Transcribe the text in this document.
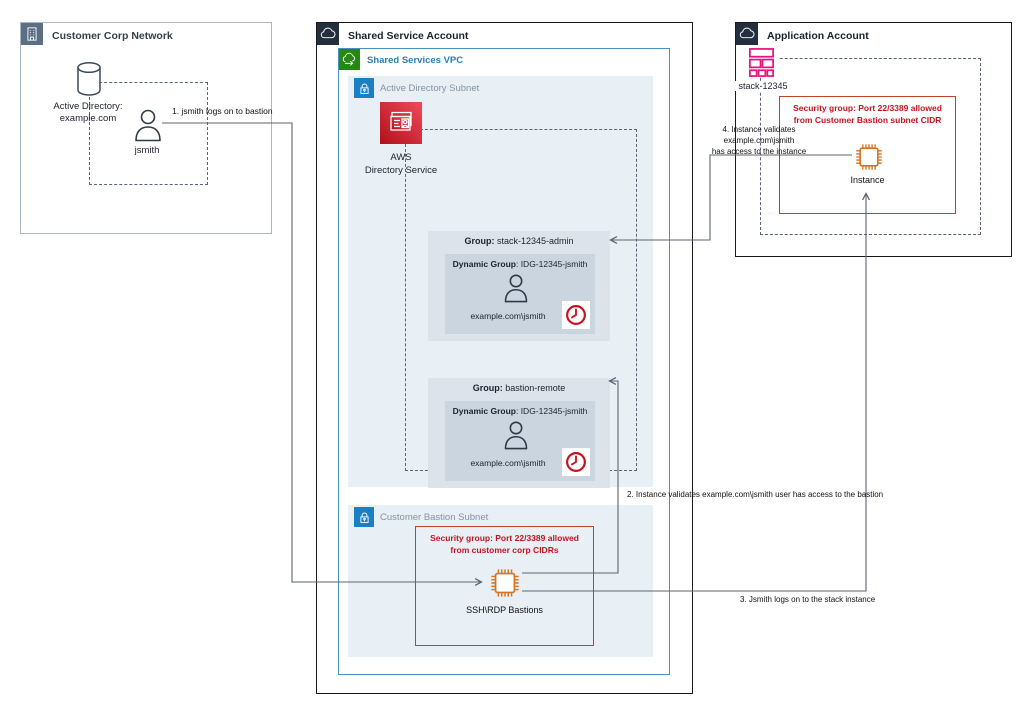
Customer Corp Network
Active Directory:
example.com
jsmith
Shared Service Account
Shared Services VPC
Active Directory Subnet
AWS
Directory Service
Group: stack-12345-admin
Dynamic Group: IDG-12345-jsmith
example.com\jsmith
Group: bastion-remote
Dynamic Group: IDG-12345-jsmith
example.com\jsmith
Customer Bastion Subnet
Security group: Port 22/3389 allowed
from customer corp CIDRs
SSH\RDP Bastions
Application Account
stack-12345
Security group: Port 22/3389 allowed
from Customer Bastion subnet CIDR
Instance
1. jsmith logs on to bastion
2. Instance validates example.com\jsmith user has access to the bastion
3. Jsmith logs on to the stack instance
4. Instance validates example.com\jsmith
has access to the instance
